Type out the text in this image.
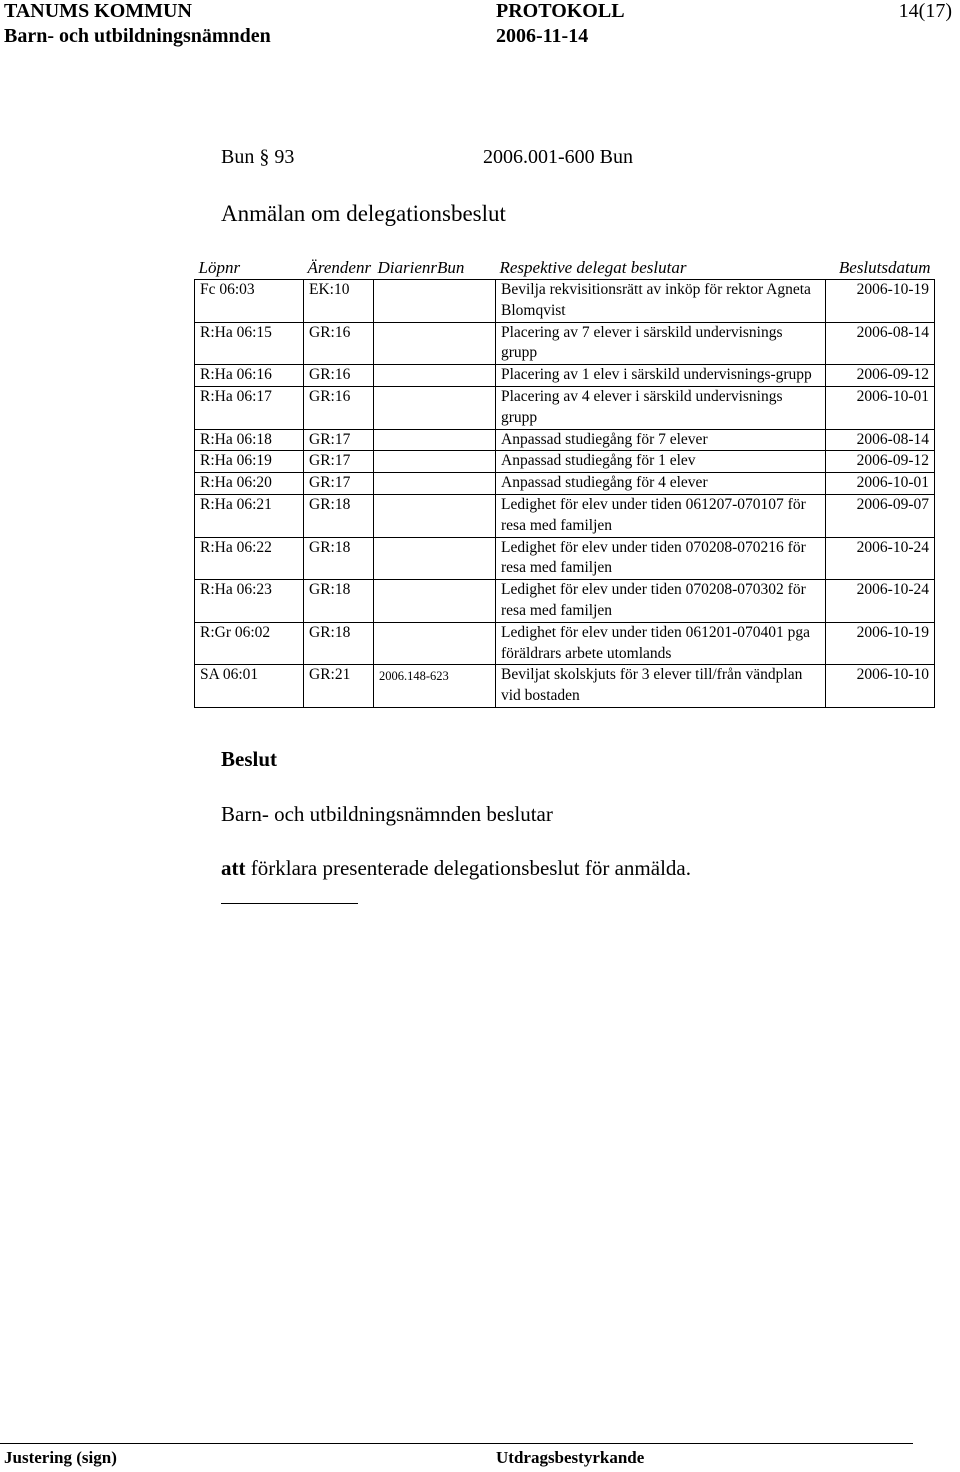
TANUMS KOMMUN	PROTOKOLL	14(17)
Barn- och utbildningsnämnden	2006-11-14
Bun § 93	2006.001-600 Bun
Anmälan om delegationsbeslut
Löpnr	Ärendenr	DiarienrBun	Respektive delegat beslutar	Beslutsdatum
Fc 06:03	EK:10		Bevilja rekvisitionsrätt av inköp för rektor Agneta Blomqvist	2006-10-19
R:Ha 06:15	GR:16		Placering av 7 elever i särskild undervisnings grupp	2006-08-14
R:Ha 06:16	GR:16		Placering av 1 elev i särskild undervisnings-grupp	2006-09-12
R:Ha 06:17	GR:16		Placering av 4 elever i särskild undervisnings grupp	2006-10-01
R:Ha 06:18	GR:17		Anpassad studiegång för 7 elever	2006-08-14
R:Ha 06:19	GR:17		Anpassad studiegång för 1 elev	2006-09-12
R:Ha 06:20	GR:17		Anpassad studiegång för 4 elever	2006-10-01
R:Ha 06:21	GR:18		Ledighet för elev under tiden 061207-070107 för resa med familjen	2006-09-07
R:Ha 06:22	GR:18		Ledighet för elev under tiden 070208-070216 för resa med familjen	2006-10-24
R:Ha 06:23	GR:18		Ledighet för elev under tiden 070208-070302 för resa med familjen	2006-10-24
R:Gr 06:02	GR:18		Ledighet för elev under tiden 061201-070401 pga föräldrars arbete utomlands	2006-10-19
SA 06:01	GR:21	2006.148-623	Beviljat skolskjuts för 3 elever till/från vändplan vid bostaden	2006-10-10
Beslut
Barn- och utbildningsnämnden beslutar
att förklara presenterade delegationsbeslut för anmälda.
Justering (sign)	Utdragsbestyrkande
